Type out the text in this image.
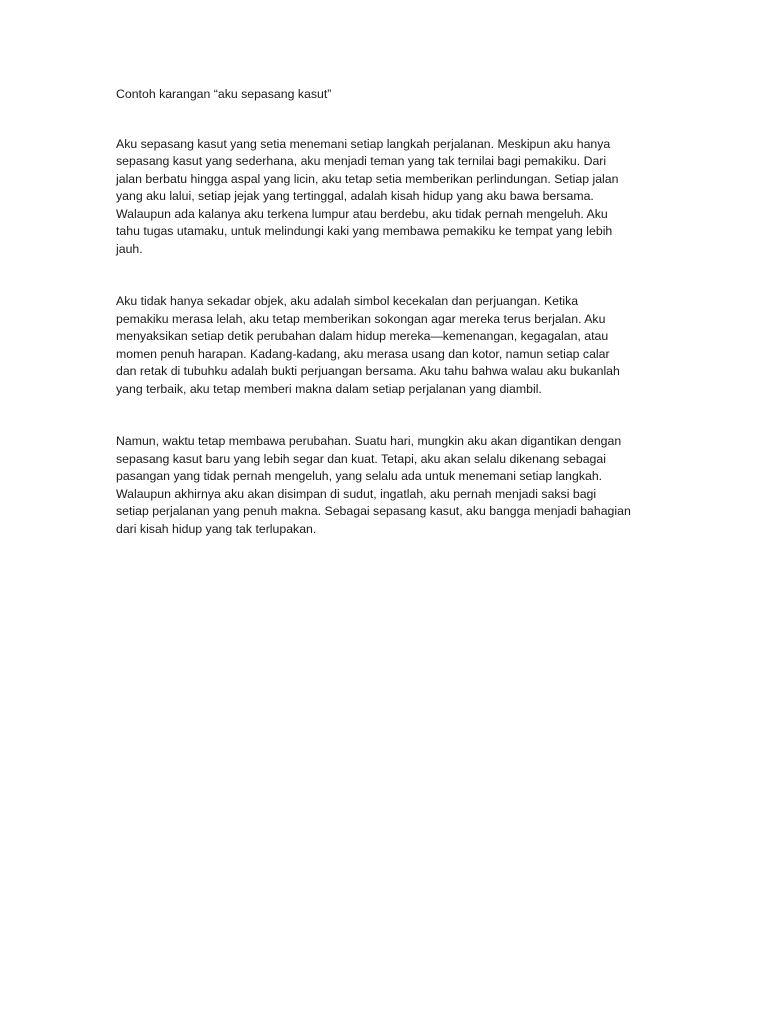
Contoh karangan “aku sepasang kasut”

Aku sepasang kasut yang setia menemani setiap langkah perjalanan. Meskipun aku hanya
sepasang kasut yang sederhana, aku menjadi teman yang tak ternilai bagi pemakiku. Dari
jalan berbatu hingga aspal yang licin, aku tetap setia memberikan perlindungan. Setiap jalan
yang aku lalui, setiap jejak yang tertinggal, adalah kisah hidup yang aku bawa bersama.
Walaupun ada kalanya aku terkena lumpur atau berdebu, aku tidak pernah mengeluh. Aku
tahu tugas utamaku, untuk melindungi kaki yang membawa pemakiku ke tempat yang lebih
jauh.

Aku tidak hanya sekadar objek, aku adalah simbol kecekalan dan perjuangan. Ketika
pemakiku merasa lelah, aku tetap memberikan sokongan agar mereka terus berjalan. Aku
menyaksikan setiap detik perubahan dalam hidup mereka—kemenangan, kegagalan, atau
momen penuh harapan. Kadang-kadang, aku merasa usang dan kotor, namun setiap calar
dan retak di tubuhku adalah bukti perjuangan bersama. Aku tahu bahwa walau aku bukanlah
yang terbaik, aku tetap memberi makna dalam setiap perjalanan yang diambil.

Namun, waktu tetap membawa perubahan. Suatu hari, mungkin aku akan digantikan dengan
sepasang kasut baru yang lebih segar dan kuat. Tetapi, aku akan selalu dikenang sebagai
pasangan yang tidak pernah mengeluh, yang selalu ada untuk menemani setiap langkah.
Walaupun akhirnya aku akan disimpan di sudut, ingatlah, aku pernah menjadi saksi bagi
setiap perjalanan yang penuh makna. Sebagai sepasang kasut, aku bangga menjadi bahagian
dari kisah hidup yang tak terlupakan.
